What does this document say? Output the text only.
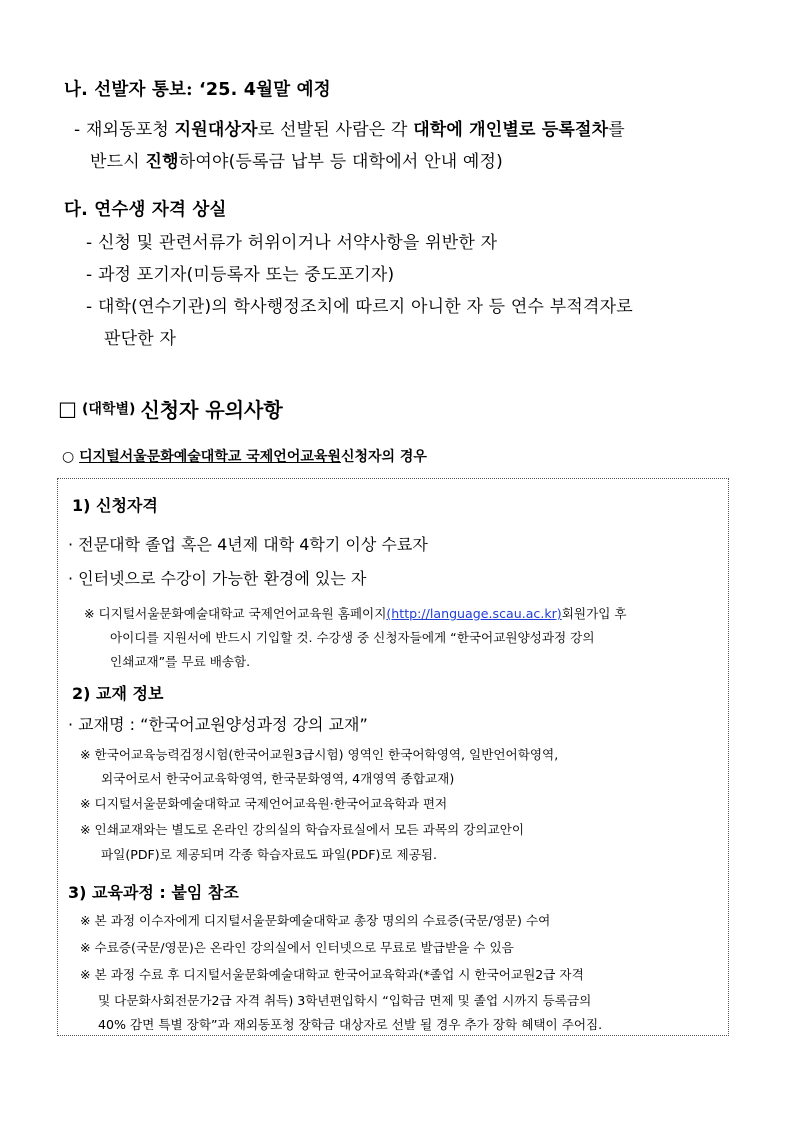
나. 선발자 통보: ‘25. 4월말 예정
- 재외동포청 지원대상자로 선발된 사람은 각 대학에 개인별로 등록절차를
반드시 진행하여야(등록금 납부 등 대학에서 안내 예정)
다. 연수생 자격 상실
- 신청 및 관련서류가 허위이거나 서약사항을 위반한 자
- 과정 포기자(미등록자 또는 중도포기자)
- 대학(연수기관)의 학사행정조치에 따르지 아니한 자 등 연수 부적격자로
판단한 자
□ (대학별) 신청자 유의사항
○ 디지털서울문화예술대학교 국제언어교육원신청자의 경우
1) 신청자격
· 전문대학 졸업 혹은 4년제 대학 4학기 이상 수료자
· 인터넷으로 수강이 가능한 환경에 있는 자
※ 디지털서울문화예술대학교 국제언어교육원 홈페이지(http://language.scau.ac.kr)회원가입 후
아이디를 지원서에 반드시 기입할 것. 수강생 중 신청자들에게 “한국어교원양성과정 강의
인쇄교재”를 무료 배송함.
2) 교재 정보
· 교재명 : “한국어교원양성과정 강의 교재”
※ 한국어교육능력검정시험(한국어교원3급시험) 영역인 한국어학영역, 일반언어학영역,
외국어로서 한국어교육학영역, 한국문화영역, 4개영역 종합교재)
※ 디지털서울문화예술대학교 국제언어교육원·한국어교육학과 편저
※ 인쇄교재와는 별도로 온라인 강의실의 학습자료실에서 모든 과목의 강의교안이
파일(PDF)로 제공되며 각종 학습자료도 파일(PDF)로 제공됨.
3) 교육과정 : 붙임 참조
※ 본 과정 이수자에게 디지털서울문화예술대학교 총장 명의의 수료증(국문/영문) 수여
※ 수료증(국문/영문)은 온라인 강의실에서 인터넷으로 무료로 발급받을 수 있음
※ 본 과정 수료 후 디지털서울문화예술대학교 한국어교육학과(*졸업 시 한국어교원2급 자격
및 다문화사회전문가2급 자격 취득) 3학년편입학시 “입학금 면제 및 졸업 시까지 등록금의
40% 감면 특별 장학”과 재외동포청 장학금 대상자로 선발 될 경우 추가 장학 혜택이 주어짐.
